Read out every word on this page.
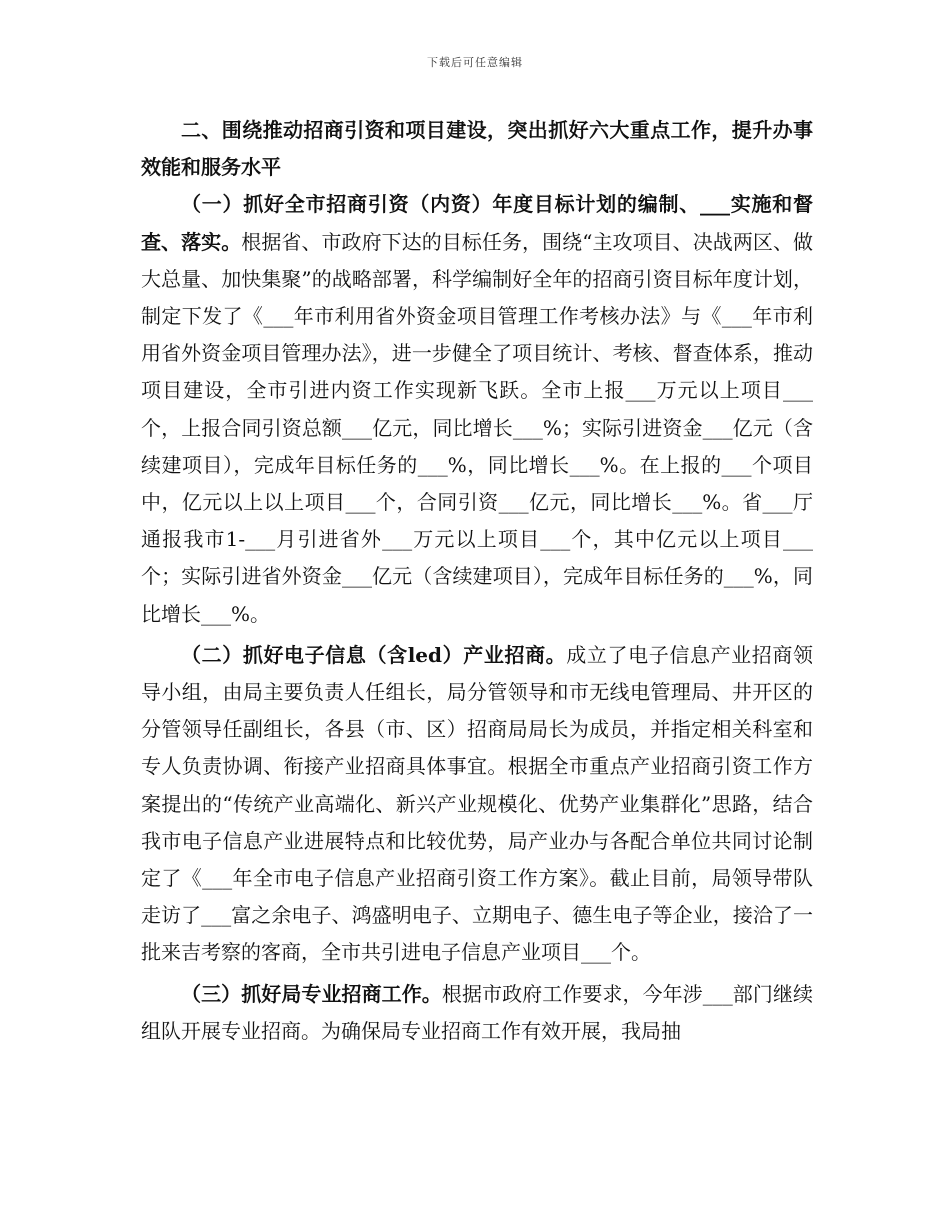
下载后可任意编辑

二、围绕推动招商引资和项目建设，突出抓好六大重点工作，提升办事效能和服务水平

（一）抓好全市招商引资（内资）年度目标计划的编制、___实施和督查、落实。根据省、市政府下达的目标任务，围绕“主攻项目、决战两区、做大总量、加快集聚”的战略部署，科学编制好全年的招商引资目标年度计划，制定下发了《___年市利用省外资金项目管理工作考核办法》与《___年市利用省外资金项目管理办法》，进一步健全了项目统计、考核、督查体系，推动项目建设，全市引进内资工作实现新飞跃。全市上报___万元以上项目___个，上报合同引资总额___亿元，同比增长___%；实际引进资金___亿元（含续建项目），完成年目标任务的___%，同比增长___%。在上报的___个项目中，亿元以上以上项目___个，合同引资___亿元，同比增长___%。省___厅通报我市1-___月引进省外___万元以上项目___个，其中亿元以上项目___个；实际引进省外资金___亿元（含续建项目），完成年目标任务的___%，同比增长___%。

（二）抓好电子信息（含led）产业招商。成立了电子信息产业招商领导小组，由局主要负责人任组长，局分管领导和市无线电管理局、井开区的分管领导任副组长，各县（市、区）招商局局长为成员，并指定相关科室和专人负责协调、衔接产业招商具体事宜。根据全市重点产业招商引资工作方案提出的“传统产业高端化、新兴产业规模化、优势产业集群化”思路，结合我市电子信息产业进展特点和比较优势，局产业办与各配合单位共同讨论制定了《___年全市电子信息产业招商引资工作方案》。截止目前，局领导带队走访了___富之余电子、鸿盛明电子、立期电子、德生电子等企业，接洽了一批来吉考察的客商，全市共引进电子信息产业项目___个。

（三）抓好局专业招商工作。根据市政府工作要求，今年涉___部门继续组队开展专业招商。为确保局专业招商工作有效开展，我局抽
